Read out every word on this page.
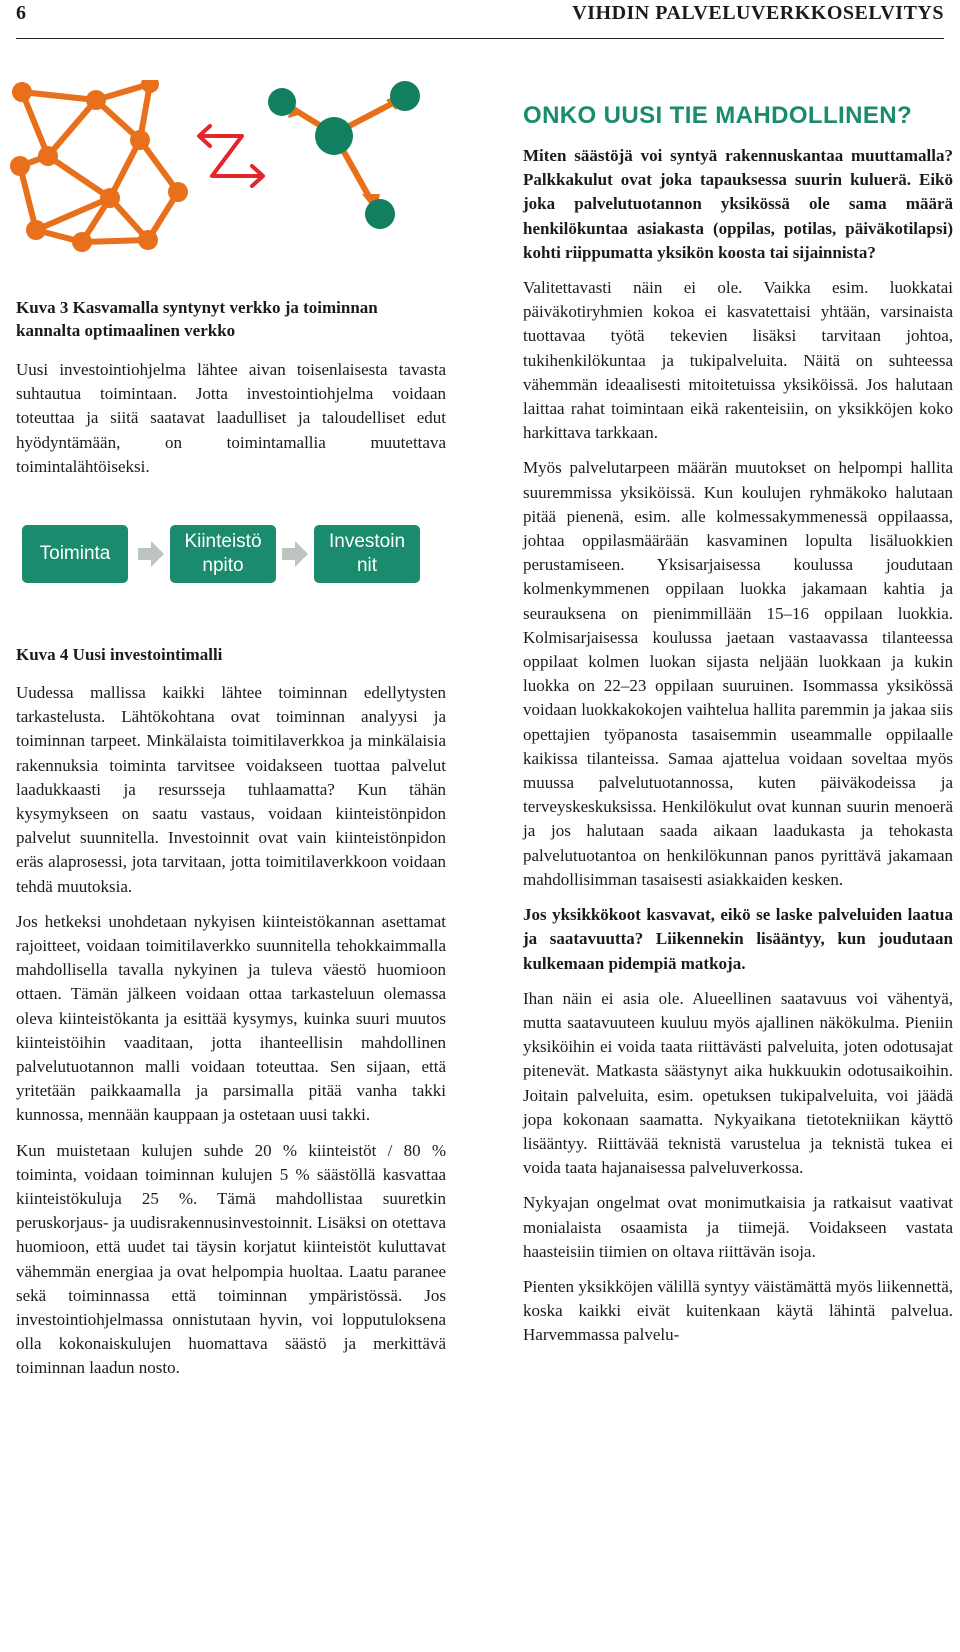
6	VIHDIN PALVELUVERKKOSELVITYS

Kuva 3 Kasvamalla syntynyt verkko ja toiminnan kannalta optimaalinen verkko

Uusi investointiohjelma lähtee aivan toisenlaisesta tavasta suhtautua toimintaan. Jotta investointiohjelma voidaan toteuttaa ja siitä saatavat laadulliset ja taloudelliset edut hyödyntämään, on toimintamallia muutettava toimintalähtöiseksi.

Toiminta
Kiinteistö
npito
Investoin
nit

Kuva 4 Uusi investointimalli

Uudessa mallissa kaikki lähtee toiminnan edellytysten tarkastelusta. Lähtökohtana ovat toiminnan analyysi ja toiminnan tarpeet. Minkälaista toimitilaverkkoa ja minkälaisia rakennuksia toiminta tarvitsee voidakseen tuottaa palvelut laadukkaasti ja resursseja tuhlaamatta? Kun tähän kysymykseen on saatu vastaus, voidaan kiinteistönpidon palvelut suunnitella. Investoinnit ovat vain kiinteistönpidon eräs alaprosessi, jota tarvitaan, jotta toimitilaverkkoon voidaan tehdä muutoksia.

Jos hetkeksi unohdetaan nykyisen kiinteistökannan asettamat rajoitteet, voidaan toimitilaverkko suunnitella tehokkaimmalla mahdollisella tavalla nykyinen ja tuleva väestö huomioon ottaen. Tämän jälkeen voidaan ottaa tarkasteluun olemassa oleva kiinteistökanta ja esittää kysymys, kuinka suuri muutos kiinteistöihin vaaditaan, jotta ihanteellisin mahdollinen palvelutuotannon malli voidaan toteuttaa. Sen sijaan, että yritetään paikkaamalla ja parsimalla pitää vanha takki kunnossa, mennään kauppaan ja ostetaan uusi takki.

Kun muistetaan kulujen suhde 20 % kiinteistöt / 80 % toiminta, voidaan toiminnan kulujen 5 % säästöllä kasvattaa kiinteistökuluja 25 %. Tämä mahdollistaa suuretkin peruskorjaus- ja uudisrakennusinvestoinnit. Lisäksi on otettava huomioon, että uudet tai täysin korjatut kiinteistöt kuluttavat vähemmän energiaa ja ovat helpompia huoltaa. Laatu paranee sekä toiminnassa että toiminnan ympäristössä. Jos investointiohjelmassa onnistutaan hyvin, voi lopputuloksena olla kokonaiskulujen huomattava säästö ja merkittävä toiminnan laadun nosto.

ONKO UUSI TIE MAHDOLLINEN?

Miten säästöjä voi syntyä rakennuskantaa muuttamalla? Palkkakulut ovat joka tapauksessa suurin kuluerä. Eikö joka palvelutuotannon yksikössä ole sama määrä henkilökuntaa asiakasta (oppilas, potilas, päiväkotilapsi) kohti riippumatta yksikön koosta tai sijainnista?

Valitettavasti näin ei ole. Vaikka esim. luokkatai päiväkotiryhmien kokoa ei kasvatettaisi yhtään, varsinaista tuottavaa työtä tekevien lisäksi tarvitaan johtoa, tukihenkilökuntaa ja tukipalveluita. Näitä on suhteessa vähemmän ideaalisesti mitoitetuissa yksiköissä. Jos halutaan laittaa rahat toimintaan eikä rakenteisiin, on yksikköjen koko harkittava tarkkaan.

Myös palvelutarpeen määrän muutokset on helpompi hallita suuremmissa yksiköissä. Kun koulujen ryhmäkoko halutaan pitää pienenä, esim. alle kolmessakymmenessä oppilaassa, johtaa oppilasmäärään kasvaminen lopulta lisäluokkien perustamiseen. Yksisarjaisessa koulussa joudutaan kolmenkymmenen oppilaan luokka jakamaan kahtia ja seurauksena on pienimmillään 15–16 oppilaan luokkia. Kolmisarjaisessa koulussa jaetaan vastaavassa tilanteessa oppilaat kolmen luokan sijasta neljään luokkaan ja kukin luokka on 22–23 oppilaan suuruinen. Isommassa yksikössä voidaan luokkakokojen vaihtelua hallita paremmin ja jakaa siis opettajien työpanosta tasaisemmin useammalle oppilaalle kaikissa tilanteissa. Samaa ajattelua voidaan soveltaa myös muussa palvelutuotannossa, kuten päiväkodeissa ja terveyskeskuksissa. Henkilökulut ovat kunnan suurin menoerä ja jos halutaan saada aikaan laadukasta ja tehokasta palvelutuotantoa on henkilökunnan panos pyrittävä jakamaan mahdollisimman tasaisesti asiakkaiden kesken.

Jos yksikkökoot kasvavat, eikö se laske palveluiden laatua ja saatavuutta? Liikennekin lisääntyy, kun joudutaan kulkemaan pidempiä matkoja.

Ihan näin ei asia ole. Alueellinen saatavuus voi vähentyä, mutta saatavuuteen kuuluu myös ajallinen näkökulma. Pieniin yksiköihin ei voida taata riittävästi palveluita, joten odotusajat pitenevät. Matkasta säästynyt aika hukkuukin odotusaikoihin. Joitain palveluita, esim. opetuksen tukipalveluita, voi jäädä jopa kokonaan saamatta. Nykyaikana tietotekniikan käyttö lisääntyy. Riittävää teknistä varustelua ja teknistä tukea ei voida taata hajanaisessa palveluverkossa.

Nykyajan ongelmat ovat monimutkaisia ja ratkaisut vaativat monialaista osaamista ja tiimejä. Voidakseen vastata haasteisiin tiimien on oltava riittävän isoja.

Pienten yksikköjen välillä syntyy väistämättä myös liikennettä, koska kaikki eivät kuitenkaan käytä lähintä palvelua. Harvemmassa palvelu-
